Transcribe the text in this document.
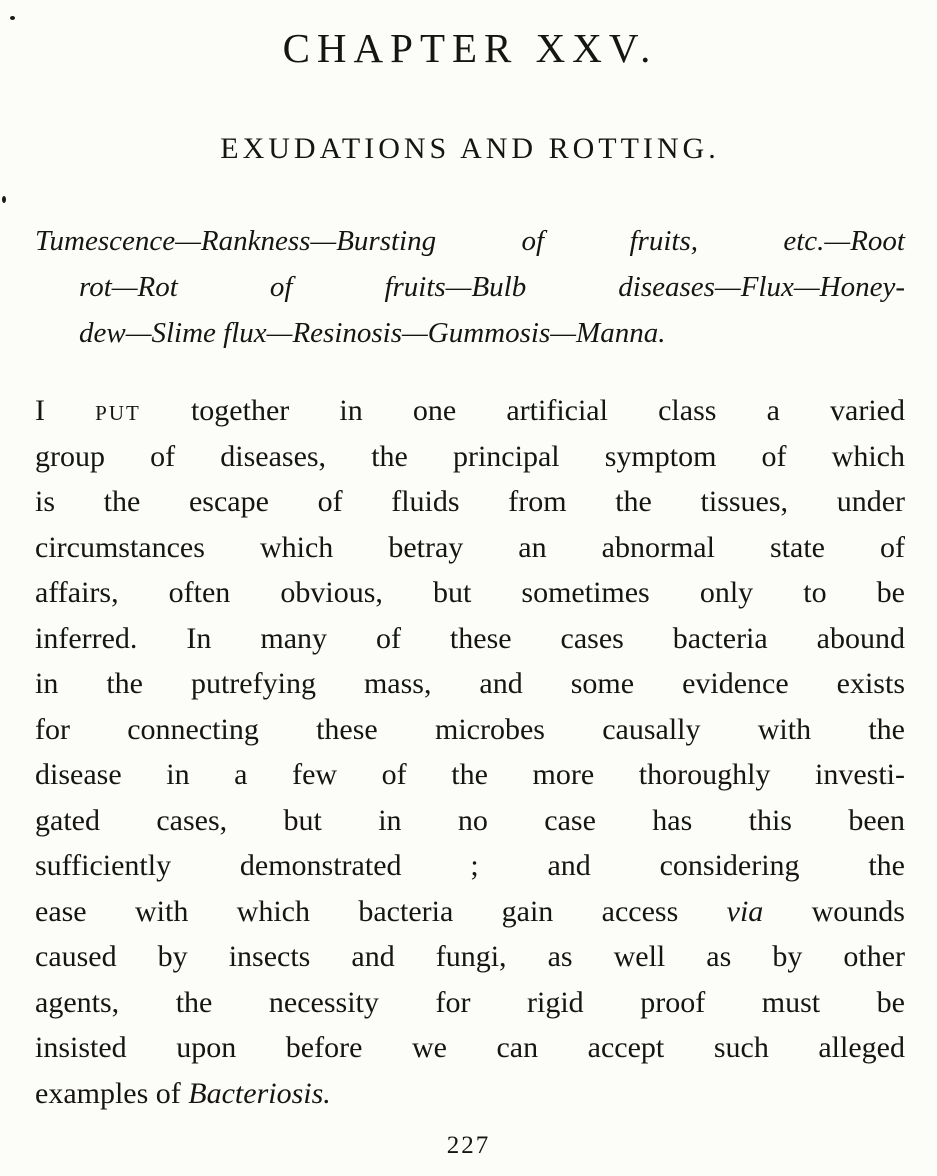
CHAPTER XXV.
EXUDATIONS AND ROTTING.
Tumescence—Rankness—Bursting of fruits, etc.—Root
rot—Rot of fruits—Bulb diseases—Flux—Honey-
dew—Slime flux—Resinosis—Gummosis—Manna.
I put together in one artificial class a varied
group of diseases, the principal symptom of which
is the escape of fluids from the tissues, under
circumstances which betray an abnormal state of
affairs, often obvious, but sometimes only to be
inferred. In many of these cases bacteria abound
in the putrefying mass, and some evidence exists
for connecting these microbes causally with the
disease in a few of the more thoroughly investi-
gated cases, but in no case has this been
sufficiently demonstrated ; and considering the
ease with which bacteria gain access via wounds
caused by insects and fungi, as well as by other
agents, the necessity for rigid proof must be
insisted upon before we can accept such alleged
examples of Bacteriosis.
227
